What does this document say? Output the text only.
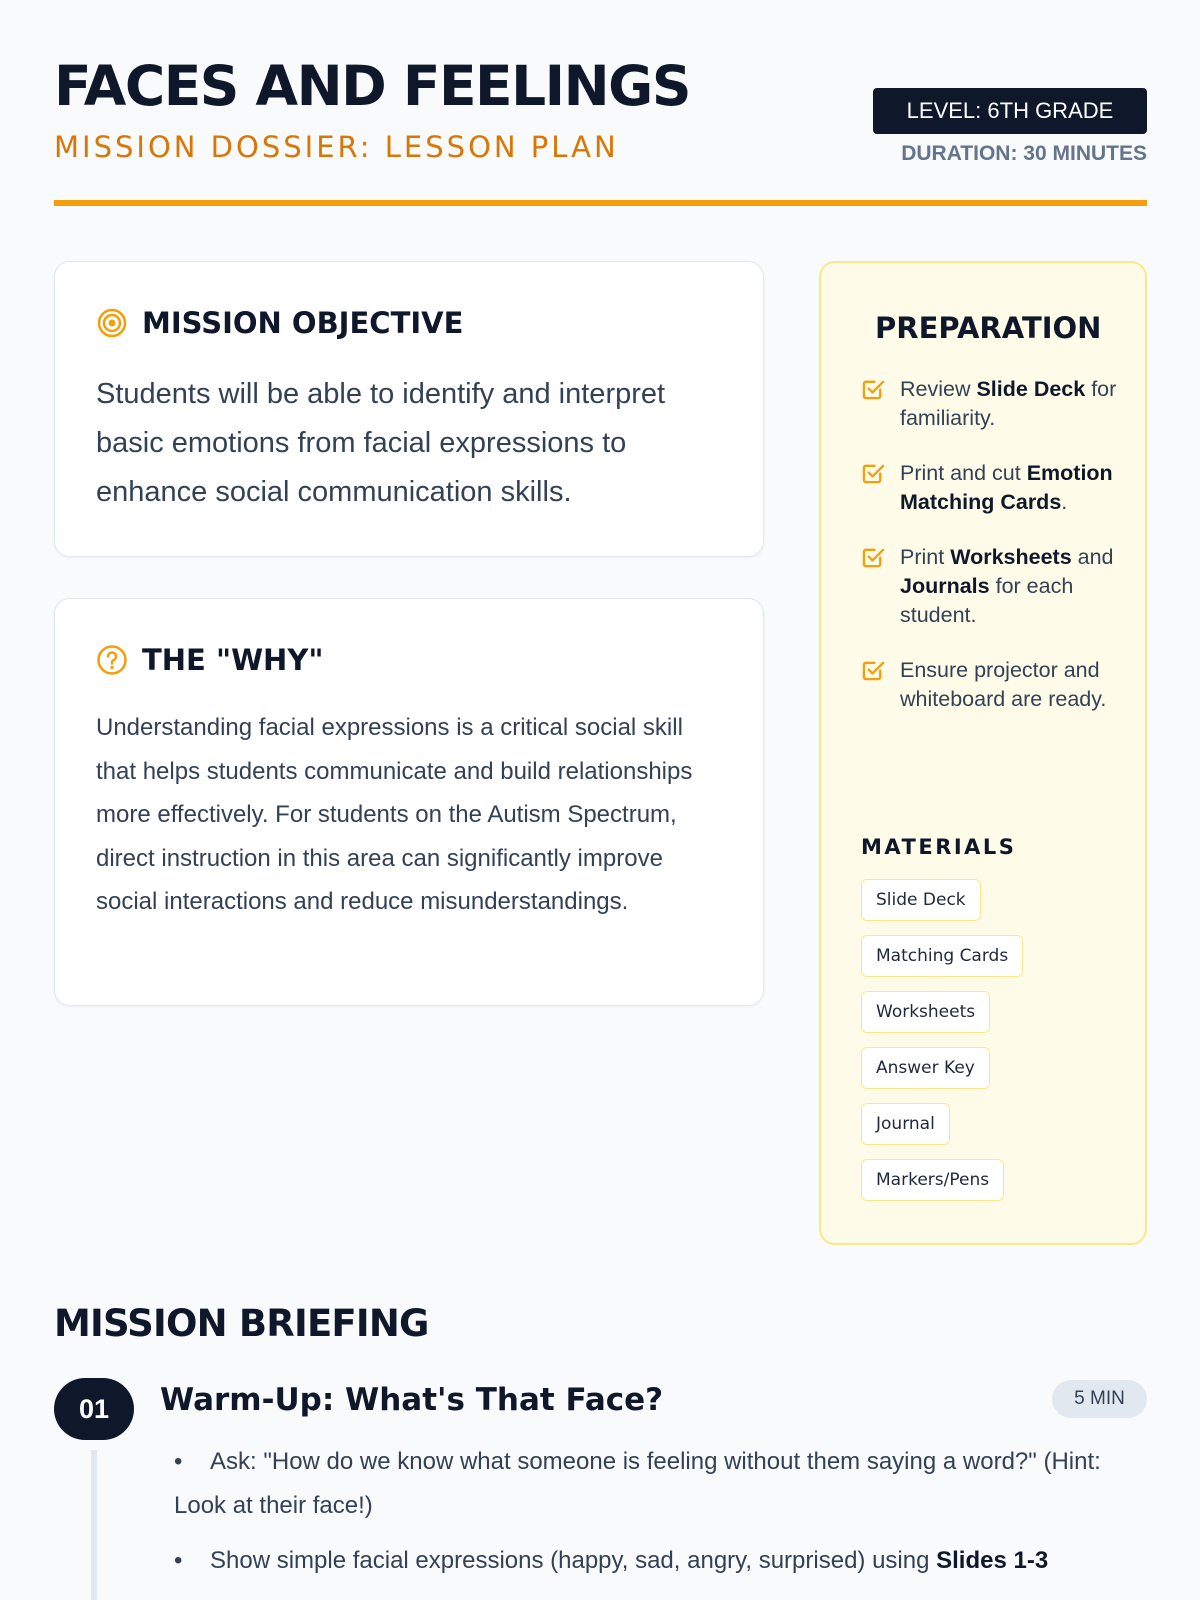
FACES AND FEELINGS
MISSION DOSSIER: LESSON PLAN
LEVEL: 6TH GRADE
DURATION: 30 MINUTES
MISSION OBJECTIVE

Students will be able to identify and interpret basic emotions from facial expressions to enhance social communication skills.

THE "WHY"

Understanding facial expressions is a critical social skill that helps students communicate and build relationships more effectively. For students on the Autism Spectrum, direct instruction in this area can significantly improve social interactions and reduce misunderstandings.

PREPARATION
Review Slide Deck for familiarity.
Print and cut Emotion Matching Cards.
Print Worksheets and Journals for each student.
Ensure projector and whiteboard are ready.
MATERIALS
Slide Deck
Matching Cards
Worksheets
Answer Key
Journal
Markers/Pens
MISSION BRIEFING
01	Warm-Up: What's That Face?	5 MIN
• Ask: "How do we know what someone is feeling without them saying a word?" (Hint: Look at their face!)
• Show simple facial expressions (happy, sad, angry, surprised) using Slides 1-3
